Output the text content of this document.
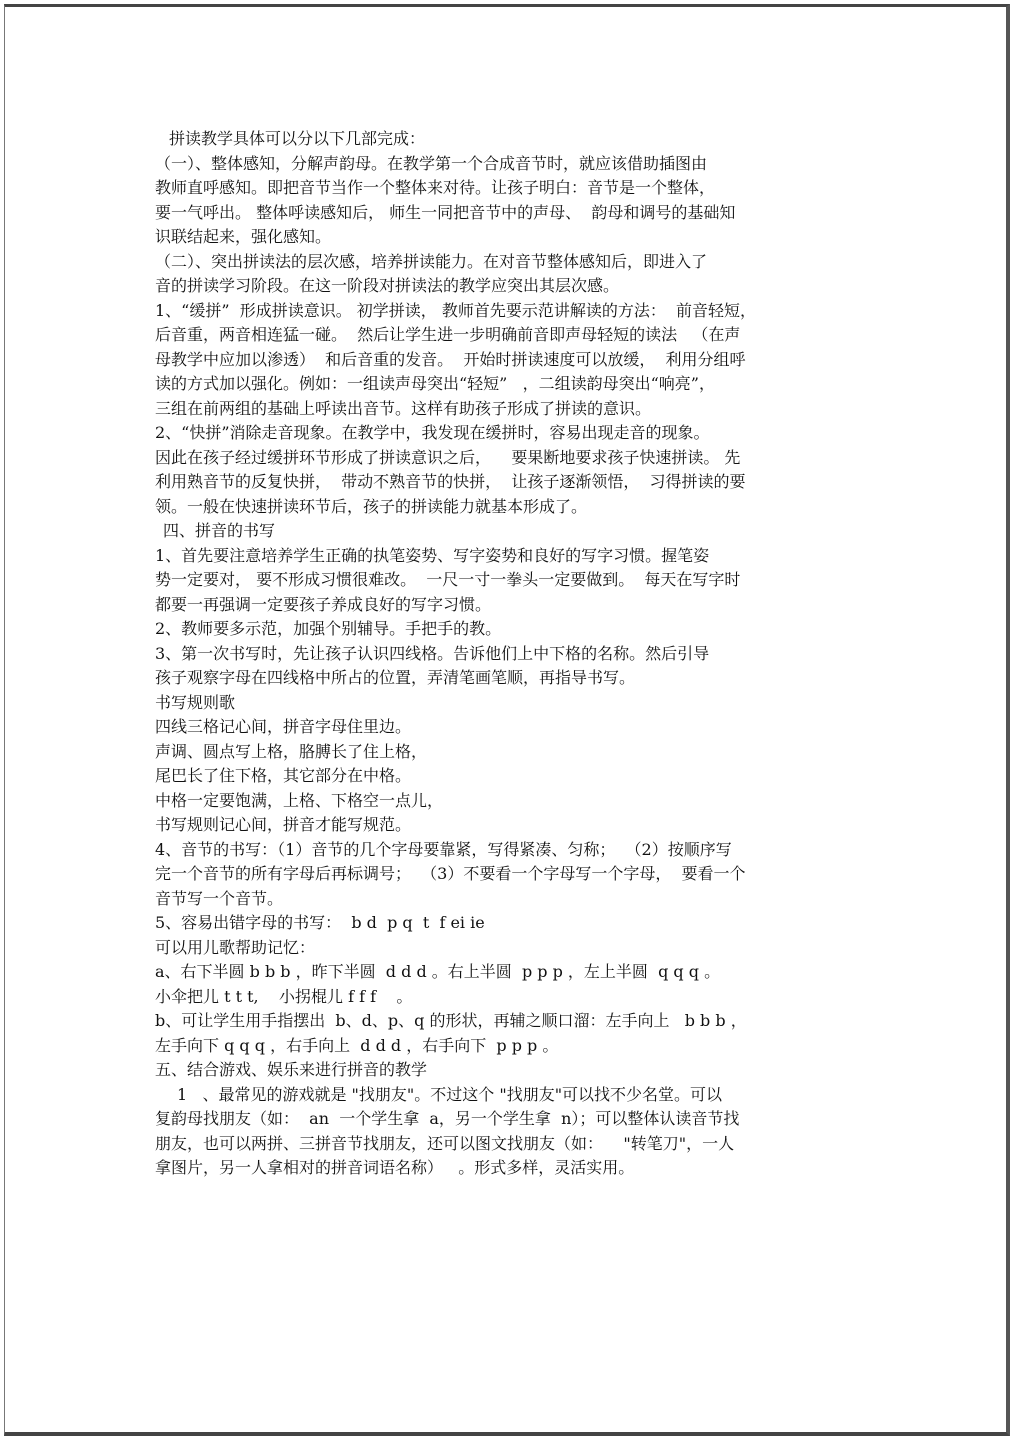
拼读教学具体可以分以下几部完成：
（一）、整体感知，分解声韵母。在教学第一个合成音节时，就应该借助插图由
教师直呼感知。即把音节当作一个整体来对待。让孩子明白：音节是一个整体，
要一气呼出。 整体呼读感知后， 师生一同把音节中的声母、  韵母和调号的基础知
识联结起来，强化感知。
（二）、突出拼读法的层次感，培养拼读能力。在对音节整体感知后，即进入了
音的拼读学习阶段。在这一阶段对拼读法的教学应突出其层次感。
1、“缓拼”  形成拼读意识。 初学拼读， 教师首先要示范讲解读的方法：  前音轻短，
后音重，两音相连猛一碰。  然后让学生进一步明确前音即声母轻短的读法   （在声
母教学中应加以渗透）  和后音重的发音。  开始时拼读速度可以放缓，  利用分组呼
读的方式加以强化。例如：一组读声母突出“轻短”   ，二组读韵母突出“响亮”，
三组在前两组的基础上呼读出音节。这样有助孩子形成了拼读的意识。
2、“快拼”消除走音现象。在教学中，我发现在缓拼时，容易出现走音的现象。
因此在孩子经过缓拼环节形成了拼读意识之后，    要果断地要求孩子快速拼读。 先
利用熟音节的反复快拼，  带动不熟音节的快拼，  让孩子逐渐领悟，  习得拼读的要
领。一般在快速拼读环节后，孩子的拼读能力就基本形成了。
四、拼音的书写
1、首先要注意培养学生正确的执笔姿势、写字姿势和良好的写字习惯。握笔姿
势一定要对， 要不形成习惯很难改。  一尺一寸一拳头一定要做到。  每天在写字时
都要一再强调一定要孩子养成良好的写字习惯。
2、教师要多示范，加强个别辅导。手把手的教。
3、第一次书写时，先让孩子认识四线格。告诉他们上中下格的名称。然后引导
孩子观察字母在四线格中所占的位置，弄清笔画笔顺，再指导书写。
书写规则歌
四线三格记心间，拼音字母住里边。
声调、圆点写上格，胳膊长了住上格，
尾巴长了住下格，其它部分在中格。
中格一定要饱满，上格、下格空一点儿，
书写规则记心间，拼音才能写规范。
4、音节的书写：（1）音节的几个字母要靠紧，写得紧凑、匀称；  （2）按顺序写
完一个音节的所有字母后再标调号；  （3）不要看一个字母写一个字母，  要看一个
音节写一个音节。
5、容易出错字母的书写：  b d  p q  t  f ei ie
可以用儿歌帮助记忆：
a、右下半圆 b b b ，昨下半圆  d d d 。右上半圆  p p p ，左上半圆  q q q 。
小伞把儿 t t t,    小拐棍儿 f f f    。
b、可让学生用手指摆出  b、d、p、q 的形状，再辅之顺口溜：左手向上   b b b ，
左手向下 q q q ，右手向上  d d d ，右手向下  p p p 。
五、结合游戏、娱乐来进行拼音的教学
1   、最常见的游戏就是 "找朋友"。不过这个 "找朋友"可以找不少名堂。可以
复韵母找朋友（如：  an  一个学生拿  a，另一个学生拿  n）；可以整体认读音节找
朋友，也可以两拼、三拼音节找朋友，还可以图文找朋友（如：    "转笔刀"，一人
拿图片，另一人拿相对的拼音词语名称）   。形式多样，灵活实用。
